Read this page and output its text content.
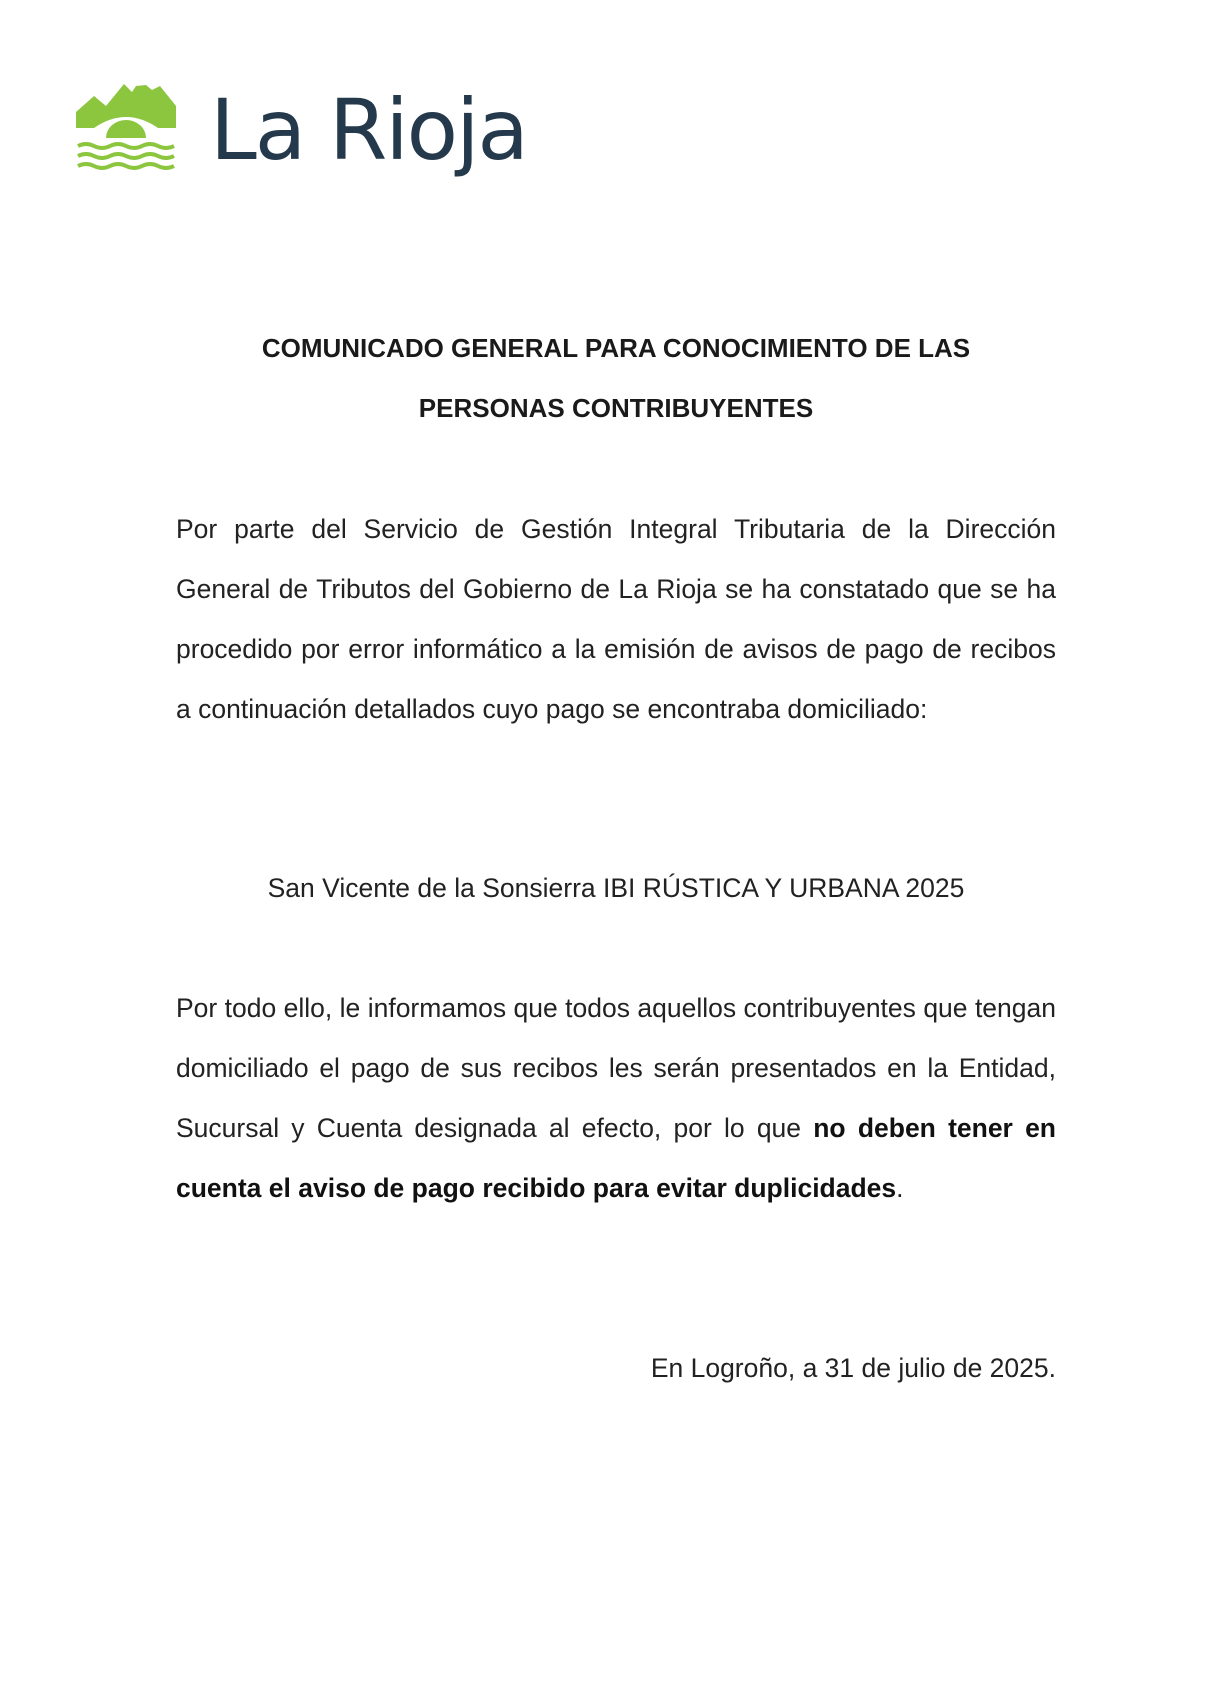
La Rioja
COMUNICADO GENERAL PARA CONOCIMIENTO DE LAS
PERSONAS CONTRIBUYENTES
Por parte del Servicio de Gestión Integral Tributaria de la Dirección General de Tributos del Gobierno de La Rioja se ha constatado que se ha procedido por error informático a la emisión de avisos de pago de recibos a continuación detallados cuyo pago se encontraba domiciliado:
San Vicente de la Sonsierra IBI RÚSTICA Y URBANA 2025
Por todo ello, le informamos que todos aquellos contribuyentes que tengan domiciliado el pago de sus recibos les serán presentados en la Entidad, Sucursal y Cuenta designada al efecto, por lo que no deben tener en cuenta el aviso de pago recibido para evitar duplicidades.
En Logroño, a 31 de julio de 2025.
